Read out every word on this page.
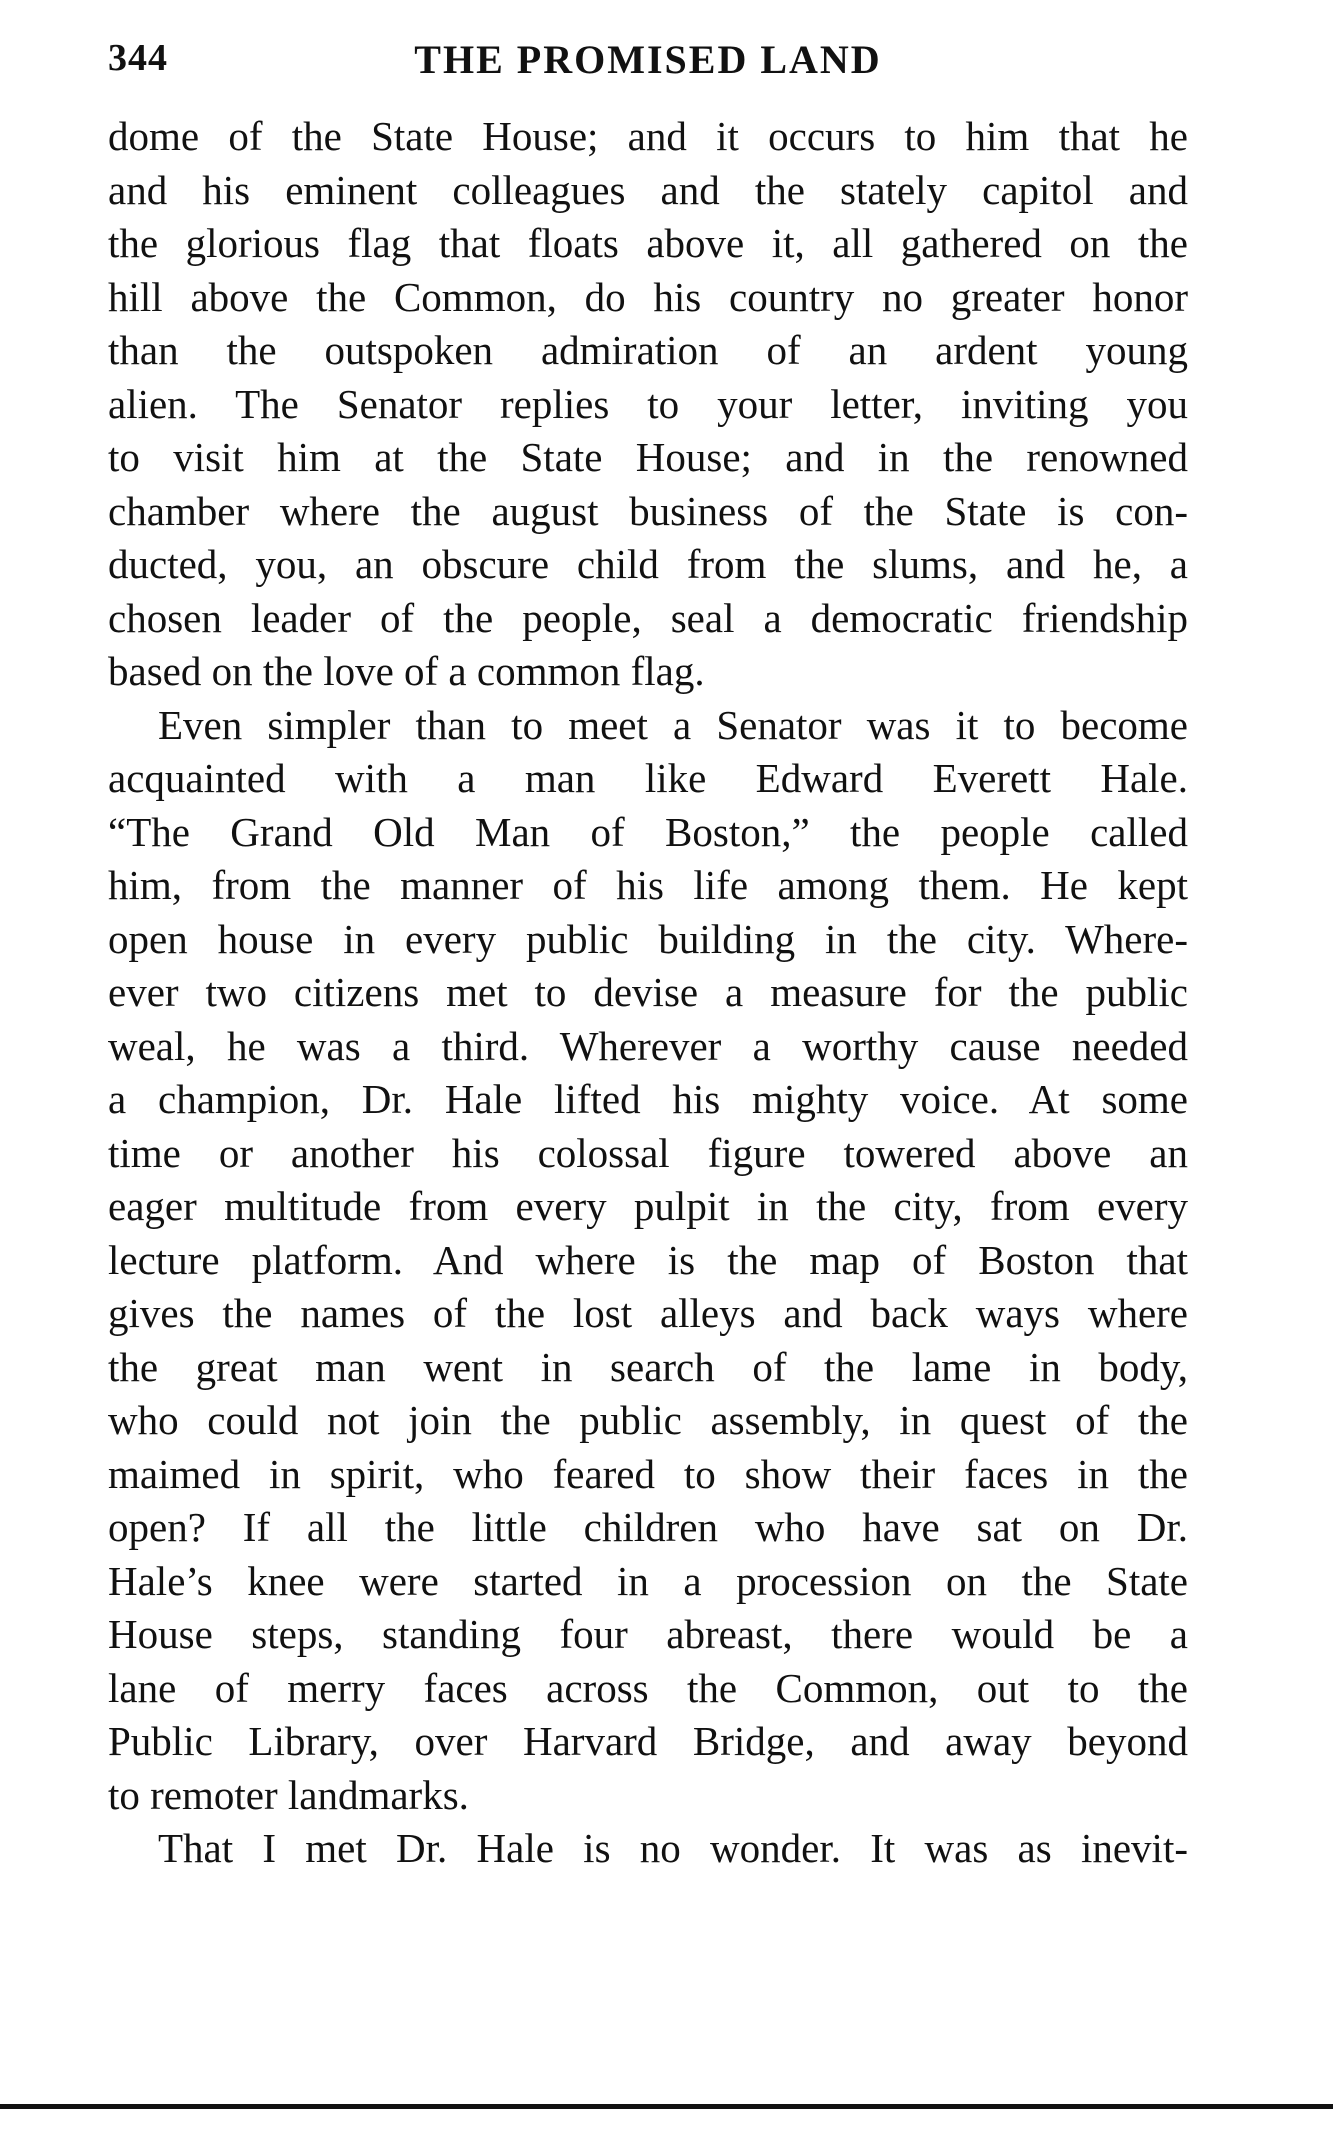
344	THE PROMISED LAND
dome of the State House; and it occurs to him that he
and his eminent colleagues and the stately capitol and
the glorious flag that floats above it, all gathered on the
hill above the Common, do his country no greater honor
than the outspoken admiration of an ardent young
alien. The Senator replies to your letter, inviting you
to visit him at the State House; and in the renowned
chamber where the august business of the State is con-
ducted, you, an obscure child from the slums, and he, a
chosen leader of the people, seal a democratic friendship
based on the love of a common flag.
Even simpler than to meet a Senator was it to become
acquainted with a man like Edward Everett Hale.
“The Grand Old Man of Boston,” the people called
him, from the manner of his life among them. He kept
open house in every public building in the city. Where-
ever two citizens met to devise a measure for the public
weal, he was a third. Wherever a worthy cause needed
a champion, Dr. Hale lifted his mighty voice. At some
time or another his colossal figure towered above an
eager multitude from every pulpit in the city, from every
lecture platform. And where is the map of Boston that
gives the names of the lost alleys and back ways where
the great man went in search of the lame in body,
who could not join the public assembly, in quest of the
maimed in spirit, who feared to show their faces in the
open? If all the little children who have sat on Dr.
Hale’s knee were started in a procession on the State
House steps, standing four abreast, there would be a
lane of merry faces across the Common, out to the
Public Library, over Harvard Bridge, and away beyond
to remoter landmarks.
That I met Dr. Hale is no wonder. It was as inevit-
